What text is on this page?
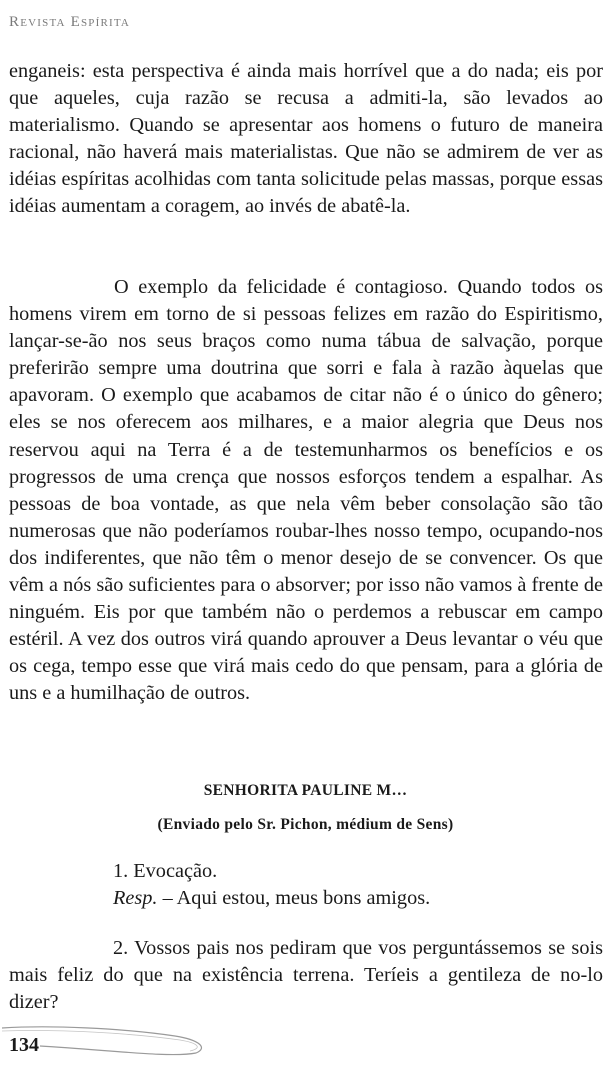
Revista Espírita

enganeis: esta perspectiva é ainda mais horrível que a do nada; eis por que aqueles, cuja razão se recusa a admiti-la, são levados ao materialismo. Quando se apresentar aos homens o futuro de maneira racional, não haverá mais materialistas. Que não se admirem de ver as idéias espíritas acolhidas com tanta solicitude pelas massas, porque essas idéias aumentam a coragem, ao invés de abatê-la.

O exemplo da felicidade é contagioso. Quando todos os homens virem em torno de si pessoas felizes em razão do Espiritismo, lançar-se-ão nos seus braços como numa tábua de salvação, porque preferirão sempre uma doutrina que sorri e fala à razão àquelas que apavoram. O exemplo que acabamos de citar não é o único do gênero; eles se nos oferecem aos milhares, e a maior alegria que Deus nos reservou aqui na Terra é a de testemunharmos os benefícios e os progressos de uma crença que nossos esforços tendem a espalhar. As pessoas de boa vontade, as que nela vêm beber consolação são tão numerosas que não poderíamos roubar-lhes nosso tempo, ocupando-nos dos indiferentes, que não têm o menor desejo de se convencer. Os que vêm a nós são suficientes para o absorver; por isso não vamos à frente de ninguém. Eis por que também não o perdemos a rebuscar em campo estéril. A vez dos outros virá quando aprouver a Deus levantar o véu que os cega, tempo esse que virá mais cedo do que pensam, para a glória de uns e a humilhação de outros.

SENHORITA PAULINE M…
(Enviado pelo Sr. Pichon, médium de Sens)
1. Evocação.
Resp. – Aqui estou, meus bons amigos.

2. Vossos pais nos pediram que vos perguntássemos se sois mais feliz do que na existência terrena. Teríeis a gentileza de no-lo dizer?

134
